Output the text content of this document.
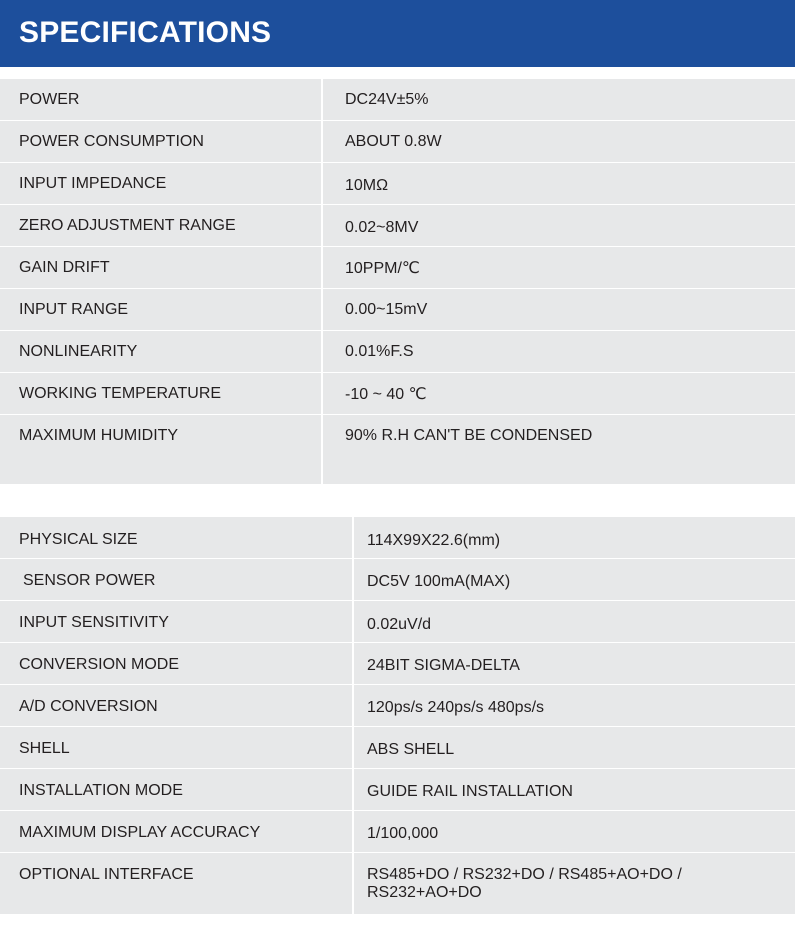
SPECIFICATIONS
POWER	DC24V±5%
POWER CONSUMPTION	ABOUT 0.8W
INPUT IMPEDANCE	10MΩ
ZERO ADJUSTMENT RANGE	0.02~8MV
GAIN DRIFT	10PPM/℃
INPUT RANGE	0.00~15mV
NONLINEARITY	0.01%F.S
WORKING TEMPERATURE	-10 ~ 40 ℃
MAXIMUM HUMIDITY	90% R.H CAN'T BE CONDENSED
PHYSICAL SIZE	114X99X22.6(mm)
SENSOR POWER	DC5V 100mA(MAX)
INPUT SENSITIVITY	0.02uV/d
CONVERSION MODE	24BIT SIGMA-DELTA
A/D CONVERSION	120ps/s 240ps/s 480ps/s
SHELL	ABS SHELL
INSTALLATION MODE	GUIDE RAIL INSTALLATION
MAXIMUM DISPLAY ACCURACY	1/100,000
OPTIONAL INTERFACE	RS485+DO / RS232+DO / RS485+AO+DO / RS232+AO+DO
